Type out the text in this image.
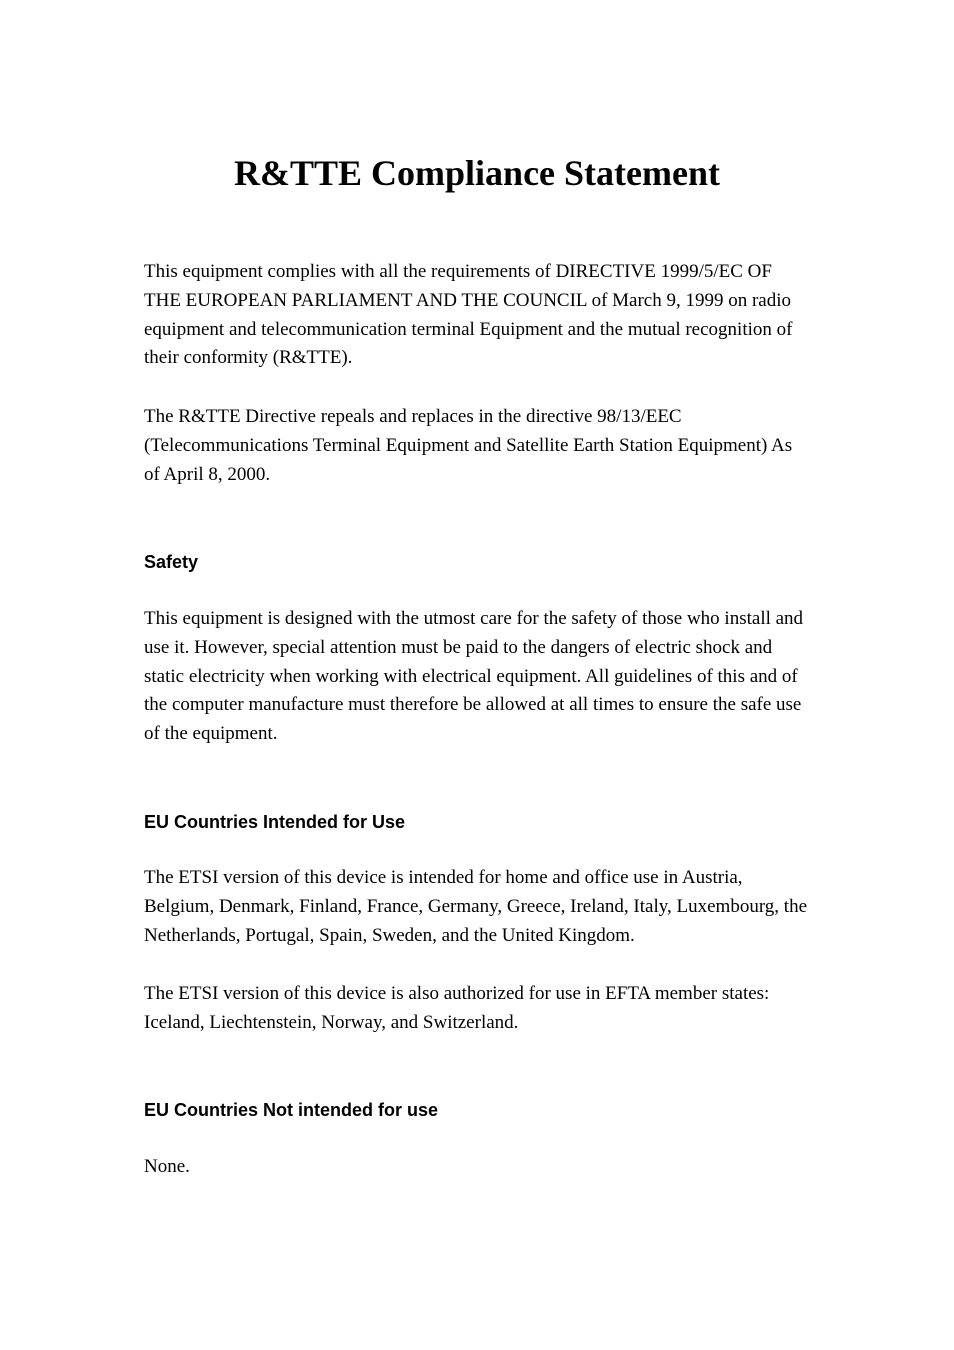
R&TTE Compliance Statement

This equipment complies with all the requirements of DIRECTIVE 1999/5/EC OF THE EUROPEAN PARLIAMENT AND THE COUNCIL of March 9, 1999 on radio equipment and telecommunication terminal Equipment and the mutual recognition of their conformity (R&TTE).

The R&TTE Directive repeals and replaces in the directive 98/13/EEC (Telecommunications Terminal Equipment and Satellite Earth Station Equipment) As of April 8, 2000.

Safety

This equipment is designed with the utmost care for the safety of those who install and use it. However, special attention must be paid to the dangers of electric shock and static electricity when working with electrical equipment. All guidelines of this and of the computer manufacture must therefore be allowed at all times to ensure the safe use of the equipment.

EU Countries Intended for Use

The ETSI version of this device is intended for home and office use in Austria, Belgium, Denmark, Finland, France, Germany, Greece, Ireland, Italy, Luxembourg, the Netherlands, Portugal, Spain, Sweden, and the United Kingdom.

The ETSI version of this device is also authorized for use in EFTA member states: Iceland, Liechtenstein, Norway, and Switzerland.

EU Countries Not intended for use

None.
